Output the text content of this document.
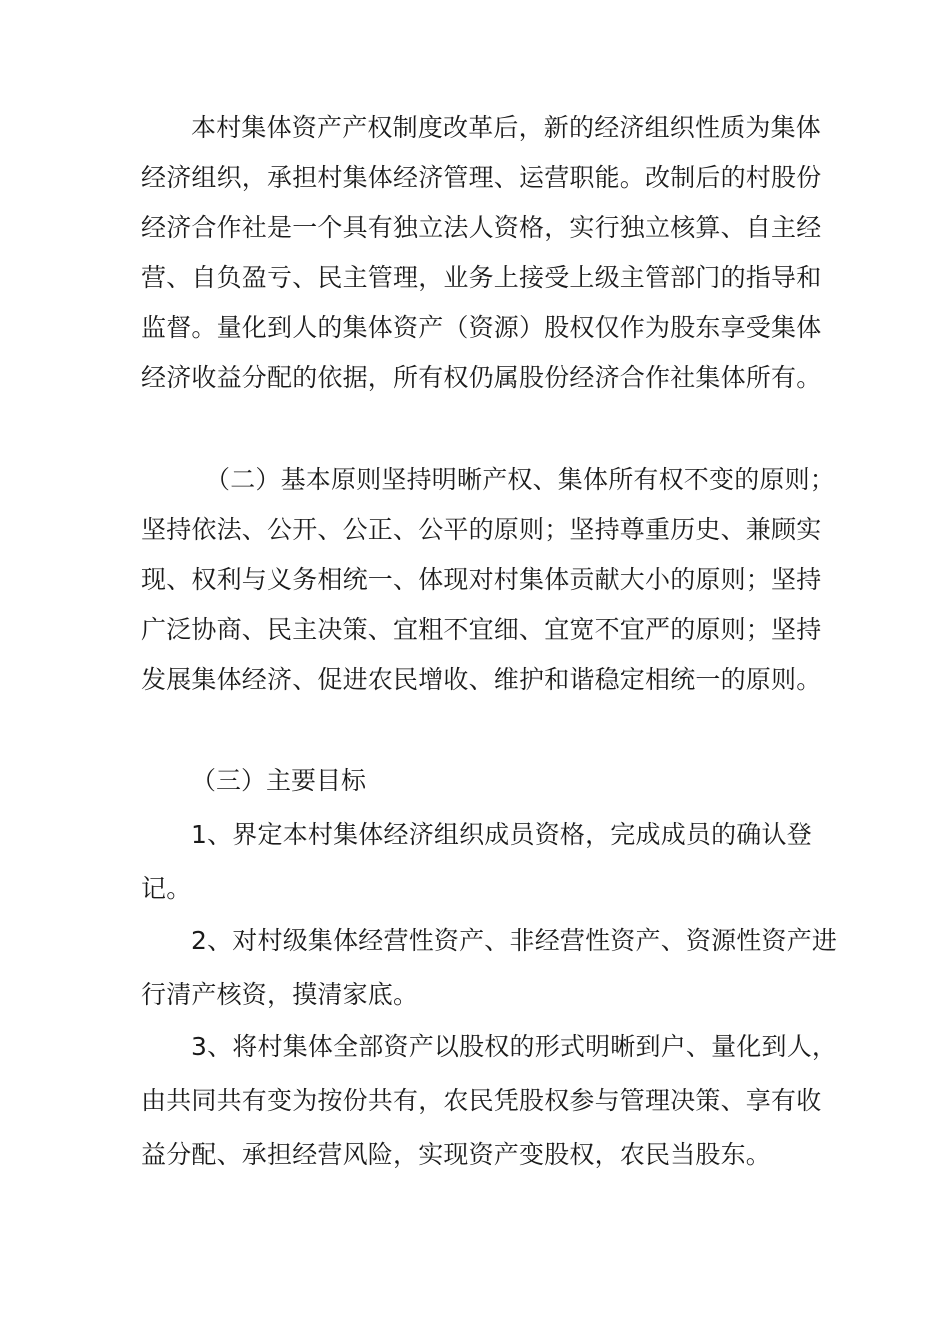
本村集体资产产权制度改革后，新的经济组织性质为集体经济组织，承担村集体经济管理、运营职能。改制后的村股份经济合作社是一个具有独立法人资格，实行独立核算、自主经营、自负盈亏、民主管理，业务上接受上级主管部门的指导和监督。量化到人的集体资产（资源）股权仅作为股东享受集体经济收益分配的依据，所有权仍属股份经济合作社集体所有。

（二）基本原则坚持明晰产权、集体所有权不变的原则；坚持依法、公开、公正、公平的原则；坚持尊重历史、兼顾实现、权利与义务相统一、体现对村集体贡献大小的原则；坚持广泛协商、民主决策、宜粗不宜细、宜宽不宜严的原则；坚持发展集体经济、促进农民增收、维护和谐稳定相统一的原则。

（三）主要目标

1、界定本村集体经济组织成员资格，完成成员的确认登记。

2、对村级集体经营性资产、非经营性资产、资源性资产进行清产核资，摸清家底。

3、将村集体全部资产以股权的形式明晰到户、量化到人，由共同共有变为按份共有，农民凭股权参与管理决策、享有收益分配、承担经营风险，实现资产变股权，农民当股东。
